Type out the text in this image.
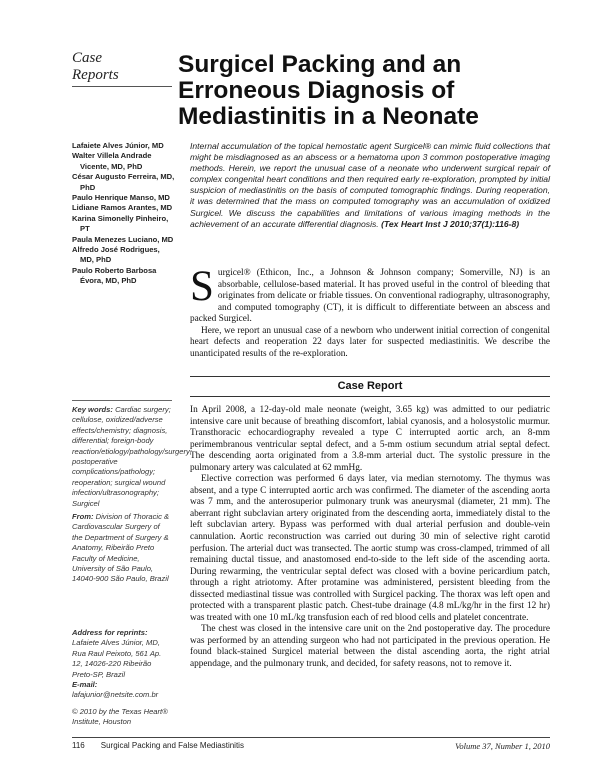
Case
Reports	Surgicel Packing and an
Erroneous Diagnosis of
Mediastinitis in a Neonate
Lafaiete Alves Júnior, MD
Walter Villela Andrade
Vicente, MD, PhD
César Augusto Ferreira, MD,
PhD
Paulo Henrique Manso, MD
Lidiane Ramos Arantes, MD
Karina Simonelly Pinheiro,
PT
Paula Menezes Luciano, MD
Alfredo José Rodrigues,
MD, PhD
Paulo Roberto Barbosa
Évora, MD, PhD
Internal accumulation of the topical hemostatic agent Surgicel® can mimic fluid collections that might be misdiagnosed as an abscess or a hematoma upon 3 common postoperative imaging methods. Herein, we report the unusual case of a neonate who underwent surgical repair of complex congenital heart conditions and then required early re-exploration, prompted by initial suspicion of mediastinitis on the basis of computed tomographic findings. During reoperation, it was determined that the mass on computed tomography was an accumulation of oxidized Surgicel. We discuss the capabilities and limitations of various imaging methods in the achievement of an accurate differential diagnosis. (Tex Heart Inst J 2010;37(1):116-8)

Surgicel® (Ethicon, Inc., a Johnson & Johnson company; Somerville, NJ) is an absorbable, cellulose-based material. It has proved useful in the control of bleeding that originates from delicate or friable tissues. On conventional radiography, ultrasonography, and computed tomography (CT), it is difficult to differentiate between an abscess and packed Surgicel.

Here, we report an unusual case of a newborn who underwent initial correction of congenital heart defects and reoperation 22 days later for suspected mediastinitis. We describe the unanticipated results of the re-exploration.

Case Report

In April 2008, a 12-day-old male neonate (weight, 3.65 kg) was admitted to our pediatric intensive care unit because of breathing discomfort, labial cyanosis, and a holosystolic murmur. Transthoracic echocardiography revealed a type C interrupted aortic arch, an 8-mm perimembranous ventricular septal defect, and a 5-mm ostium secundum atrial septal defect. The descending aorta originated from a 3.8-mm arterial duct. The systolic pressure in the pulmonary artery was calculated at 62 mmHg.

Elective correction was performed 6 days later, via median sternotomy. The thymus was absent, and a type C interrupted aortic arch was confirmed. The diameter of the ascending aorta was 7 mm, and the anterosuperior pulmonary trunk was aneurysmal (diameter, 21 mm). The aberrant right subclavian artery originated from the descending aorta, immediately distal to the left subclavian artery. Bypass was performed with dual arterial perfusion and double-vein cannulation. Aortic reconstruction was carried out during 30 min of selective right carotid perfusion. The arterial duct was transected. The aortic stump was cross-clamped, trimmed of all remaining ductal tissue, and anastomosed end-to-side to the left side of the ascending aorta. During rewarming, the ventricular septal defect was closed with a bovine pericardium patch, through a right atriotomy. After protamine was administered, persistent bleeding from the dissected mediastinal tissue was controlled with Surgicel packing. The thorax was left open and protected with a transparent plastic patch. Chest-tube drainage (4.8 mL/kg/hr in the first 12 hr) was treated with one 10 mL/kg transfusion each of red blood cells and platelet concentrate.

The chest was closed in the intensive care unit on the 2nd postoperative day. The procedure was performed by an attending surgeon who had not participated in the previous operation. He found black-stained Surgicel material between the distal ascending aorta, the right atrial appendage, and the pulmonary trunk, and decided, for safety reasons, not to remove it.

Key words: Cardiac surgery; cellulose, oxidized/adverse effects/chemistry; diagnosis, differential; foreign-body reaction/etiology/pathology/surgery; postoperative complications/pathology; reoperation; surgical wound infection/ultrasonography; Surgicel
From: Division of Thoracic & Cardiovascular Surgery of the Department of Surgery & Anatomy, Ribeirão Preto Faculty of Medicine, University of São Paulo, 14040-900 São Paulo, Brazil
Address for reprints:
Lafaiete Alves Júnior, MD, Rua Raul Peixoto, 561 Ap. 12, 14026-220 Ribeirão Preto-SP, Brazil
E-mail:
lafajunior@netsite.com.br
© 2010 by the Texas Heart® Institute, Houston
116 Surgical Packing and False Mediastinitis	Volume 37, Number 1, 2010
